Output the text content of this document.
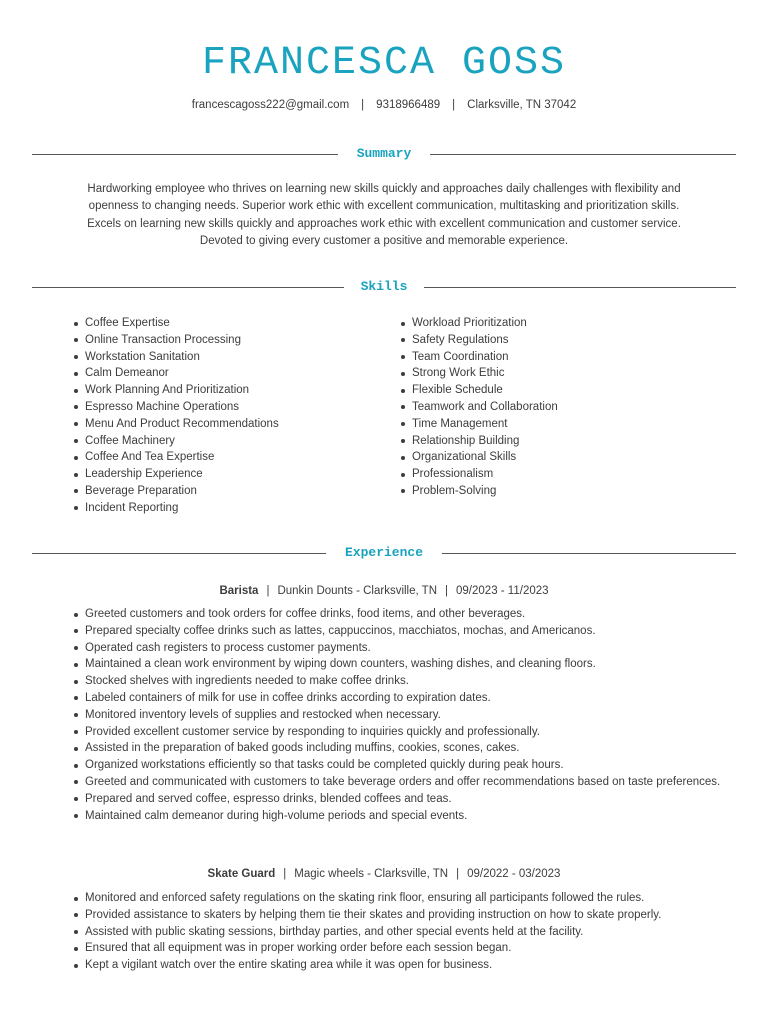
FRANCESCA GOSS
francescagoss222@gmail.com | 9318966489 | Clarksville, TN 37042
Summary

Hardworking employee who thrives on learning new skills quickly and approaches daily challenges with flexibility and

openness to changing needs. Superior work ethic with excellent communication, multitasking and prioritization skills.

Excels on learning new skills quickly and approaches work ethic with excellent communication and customer service.

Devoted to giving every customer a positive and memorable experience.

Skills
Coffee Expertise
Online Transaction Processing
Workstation Sanitation
Calm Demeanor
Work Planning And Prioritization
Espresso Machine Operations
Menu And Product Recommendations
Coffee Machinery
Coffee And Tea Expertise
Leadership Experience
Beverage Preparation
Incident Reporting
Workload Prioritization
Safety Regulations
Team Coordination
Strong Work Ethic
Flexible Schedule
Teamwork and Collaboration
Time Management
Relationship Building
Organizational Skills
Professionalism
Problem-Solving
Experience
Barista | Dunkin Dounts - Clarksville, TN | 09/2023 - 11/2023
Greeted customers and took orders for coffee drinks, food items, and other beverages.
Prepared specialty coffee drinks such as lattes, cappuccinos, macchiatos, mochas, and Americanos.
Operated cash registers to process customer payments.
Maintained a clean work environment by wiping down counters, washing dishes, and cleaning floors.
Stocked shelves with ingredients needed to make coffee drinks.
Labeled containers of milk for use in coffee drinks according to expiration dates.
Monitored inventory levels of supplies and restocked when necessary.
Provided excellent customer service by responding to inquiries quickly and professionally.
Assisted in the preparation of baked goods including muffins, cookies, scones, cakes.
Organized workstations efficiently so that tasks could be completed quickly during peak hours.
Greeted and communicated with customers to take beverage orders and offer recommendations based on taste preferences.
Prepared and served coffee, espresso drinks, blended coffees and teas.
Maintained calm demeanor during high-volume periods and special events.
Skate Guard | Magic wheels - Clarksville, TN | 09/2022 - 03/2023
Monitored and enforced safety regulations on the skating rink floor, ensuring all participants followed the rules.
Provided assistance to skaters by helping them tie their skates and providing instruction on how to skate properly.
Assisted with public skating sessions, birthday parties, and other special events held at the facility.
Ensured that all equipment was in proper working order before each session began.
Kept a vigilant watch over the entire skating area while it was open for business.
